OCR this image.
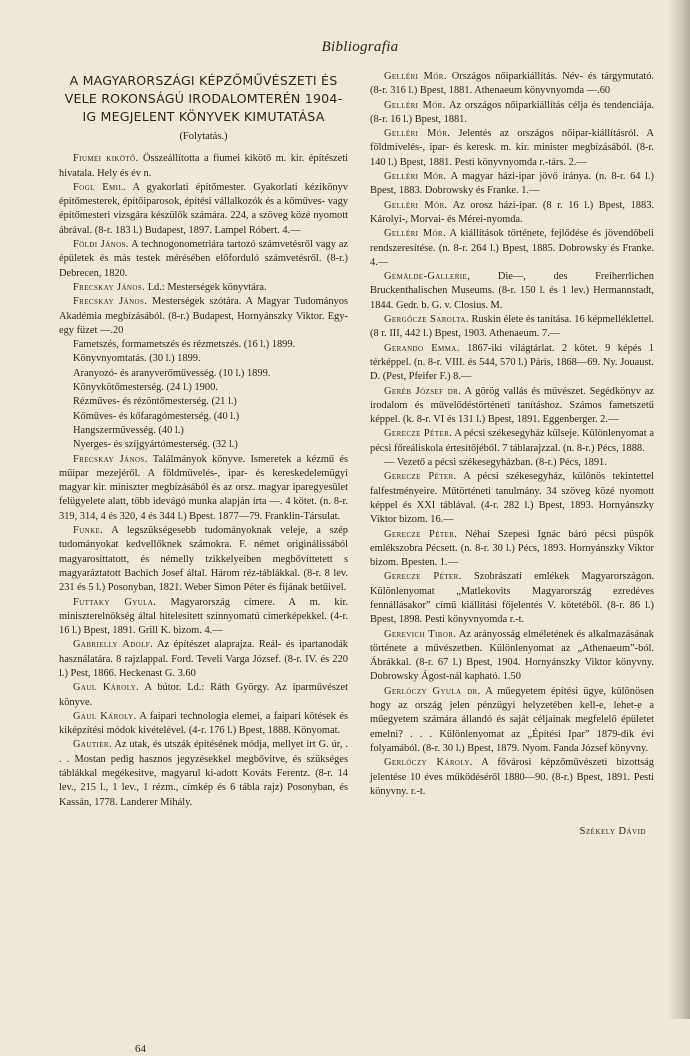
Bibliografia
A MAGYARORSZÁGI KÉPZŐMŰVÉSZETI ÉS VELE ROKONSÁGÚ IRODALOMTERÉN 1904-IG MEGJELENT KÖNYVEK KIMUTATÁSA
(Folytatás.)

Fiumei kikötő. Összeállította a fiumei kikötő m. kir. építészeti hivatala. Hely és év n.

Fogl Emil. A gyakorlati építőmester. Gyakorlati kézikönyv építőmesterek, építőiparosok, építési vállalkozók és a kőműves- vagy építőmesteri vizsgára készülők számára. 224, a szöveg közé nyomott ábrával. (8-r. 183 l.) Budapest, 1897. Lampel Róbert. 4.—

Földi János. A technogonometriára tartozó számvetésről vagy az épületek és más testek mérésében előforduló számvetésről. (8-r.) Debrecen, 1820.

Frecskay János. Ld.: Mesterségek könyvtára.

Frecskay János. Mesterségek szótára. A Magyar Tudományos Akadémia megbízásából. (8-r.) Budapest, Hornyánszky Viktor. Egy-egy füzet —.20

Fametszés, formametszés és rézmetszés. (16 l.) 1899.

Könyvnyomtatás. (30 l.) 1899.

Aranyozó- és aranyverőművesség. (10 l.) 1899.

Könyvkötőmesterség. (24 l.) 1900.

Rézműves- és rézöntőmesterség. (21 l.)

Kőműves- és kőfaragómesterség. (40 l.)

Hangszerművesség. (40 l.)

Nyerges- és szíjgyártómesterség. (32 l.)

Frecskay János. Találmányok könyve. Ismeretek a kézmű és műipar mezejéről. A földművelés-, ipar- és kereskedelemügyi magyar kir. miniszter megbízásából és az orsz. magyar iparegyesület felügyelete alatt, több idevágó munka alapján írta —. 4 kötet. (n. 8-r. 319, 314, 4 és 320, 4 és 344 l.) Bpest. 1877—79. Franklin-Társulat.

Funke. A legszükségesebb tudományoknak veleje, a szép tudományokat kedvellőknek számokra. F. német originálissából magyarosíttatott, és némelly tzikkelyeiben megbővíttetett s magyaráztatott Bachich Josef által. Három réz-táblákkal. (8-r. 8 lev. 231 és 5 l.) Posonyban, 1821. Weber Simon Péter és fijának betűivel.

Futtaky Gyula. Magyarország címere. A m. kir. miniszterelnökség által hitelesített színnyomatú címerképekkel. (4-r. 16 l.) Bpest, 1891. Grill K. bizom. 4.—

Gabrielly Adolf. Az építészet alaprajza. Reál- és ipartanodák használatára. 8 rajzlappal. Ford. Teveli Varga József. (8-r. IV. és 220 l.) Pest, 1866. Heckenast G. 3.60

Gaul Károly. A bútor. Ld.: Ráth György. Az iparművészet könyve.

Gaul Károly. A faipari technologia elemei, a faipari kötések és kiképzítési módok kivételével. (4-r. 176 l.) Bpest, 1888. Könyomat.

Gautier. Az utak, és utszák építésének módja, mellyet irt G. úr, . . . Mostan pedig hasznos jegyzésekkel megbővitve, és szükséges táblákkal megékesitve, magyarul ki-adott Kováts Ferentz. (8-r. 14 lev., 215 l., 1 lev., 1 rézm., címkép és 6 tábla rajz) Posonyban, és Kassán, 1778. Landerer Mihály.

64

Gelléri Mór. Országos nőiparkiállítás. Név- és tárgymutató. (8-r. 316 l.) Bpest, 1881. Athenaeum könyvnyomda —.60

Gelléri Mór. Az országos nőiparkiállítás célja és tendenciája. (8-r. 16 l.) Bpest, 1881.

Gelléri Mór. Jelentés az országos nőipar-kiállításról. A földmívelés-, ipar- és keresk. m. kir. minister megbízásából. (8-r. 140 l.) Bpest, 1881. Pesti könyvnyomda r.-társ. 2.—

Gelléri Mór. A magyar házi-ipar jövő iránya. (n. 8-r. 64 l.) Bpest, 1883. Dobrowsky és Franke. 1.—

Gelléri Mór. Az orosz házi-ipar. (8 r. 16 l.) Bpest, 1883. Károlyi-, Morvai- és Mérei-nyomda.

Gelléri Mór. A kiállítások története, fejlődése és jövendőbeli rendszeresítése. (n. 8-r. 264 l.) Bpest, 1885. Dobrowsky és Franke. 4.—

Gemälde-Gallerie, Die—, des Freiherrlichen Bruckenthalischen Museums. (8-r. 150 l. és 1 lev.) Hermannstadt, 1844. Gedr. b. G. v. Closius. M.

Gergőcze Sarolta. Ruskin élete és tanítása. 16 képmelléklettel. (8 r. III, 442 l.) Bpest, 1903. Athenaeum. 7.—

Gerando Emma. 1867-iki világtárlat. 2 kötet. 9 képés 1 térképpel. (n. 8-r. VIII. és 544, 570 l.) Páris, 1868—69. Ny. Jouaust. D. (Pest, Pfeifer F.) 8.—

Geréb József dr. A görög vallás és művészet. Segédkönyv az irodalom és művelődéstörténeti tanításhoz. Számos fametszetű képpel. (k. 8-r. VI és 131 l.) Bpest, 1891. Eggenberger. 2.—

Gerecze Péter. A pécsi székesegyház külseje. Különlenyomat a pécsi főreáliskola értesítőjéből. 7 táblarajzzal. (n. 8-r.) Pécs, 1888.

— Vezető a pécsi székesegyházban. (8-r.) Pécs, 1891.

Gerecze Péter. A pécsi székesegyház, különös tekintettel falfestményeire. Műtörténeti tanulmány. 34 szöveg közé nyomott képpel és XXI táblával. (4-r. 282 l.) Bpest, 1893. Hornyánszky Viktor bizom. 16.—

Gerecze Péter. Néhai Szepesi Ignác báró pécsi püspök emlékszobra Pécsett. (n. 8-r. 30 l.) Pécs, 1893. Hornyánszky Viktor bizom. Bpesten. 1.—

Gerecze Péter. Szobrászati emlékek Magyarországon. Különlenyomat „Matlekovits Magyarország ezredéves fennállásakor” című kiállítási főjelentés V. kötetéből. (8-r. 86 l.) Bpest, 1898. Pesti könyvnyomda r.-t.

Gerevich Tibor. Az arányosság elméletének és alkalmazásának története a művészetben. Különlenyomat az „Athenaeum”-ból. Ábrákkal. (8-r. 67 l.) Bpest, 1904. Hornyánszky Viktor könyvny. Dobrowsky Ágost-nál kapható. 1.50

Gerlóczy Gyula dr. A műegyetem építési ügye, különösen hogy az ország jelen pénzügyi helyzetében kell-e, lehet-e a műegyetem számára állandó és saját céljainak megfelelő épületet emelni? . . . Különlenyomat az „Építési Ipar” 1879-dik évi folyamából. (8-r. 30 l.) Bpest, 1879. Nyom. Fanda József könyvny.

Gerlóczy Károly. A fővárosi képzőművészeti bizottság jelentése 10 éves működéséről 1880—90. (8-r.) Bpest, 1891. Pesti könyvny. r.-t.

Székely Dávid
